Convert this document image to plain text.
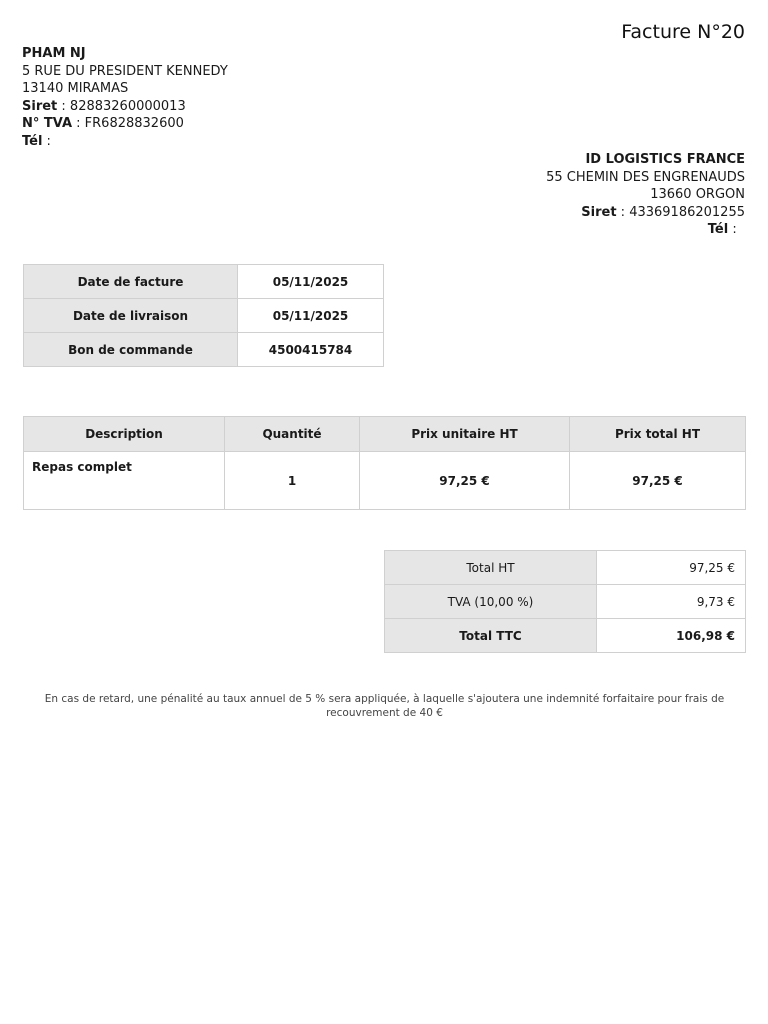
Facture N°20
PHAM NJ
5 RUE DU PRESIDENT KENNEDY
13140 MIRAMAS
Siret : 82883260000013
N° TVA : FR6828832600
Tél :
ID LOGISTICS FRANCE
55 CHEMIN DES ENGRENAUDS
13660 ORGON
Siret : 43369186201255
Tél :
Date de facture	05/11/2025
Date de livraison	05/11/2025
Bon de commande	4500415784
Description	Quantité	Prix unitaire HT	Prix total HT
Repas complet	1	97,25 €	97,25 €
Total HT	97,25 €
TVA (10,00 %)	9,73 €
Total TTC	106,98 €
En cas de retard, une pénalité au taux annuel de 5 % sera appliquée, à laquelle s'ajoutera une indemnité forfaitaire pour frais de recouvrement de 40 €
